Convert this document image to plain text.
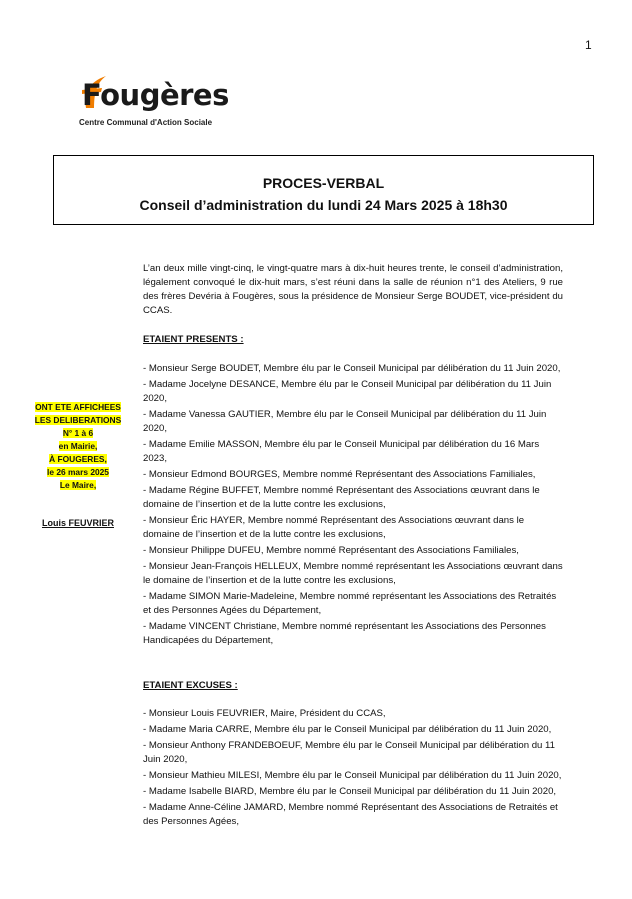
1
Fougères
Centre Communal d'Action Sociale
PROCES-VERBAL
Conseil d’administration du lundi 24 Mars 2025 à 18h30
L’an deux mille vingt-cinq, le vingt-quatre mars à dix-huit heures trente, le conseil d’administration, légalement convoqué le dix-huit mars, s’est réuni dans la salle de réunion n°1 des Ateliers, 9 rue des frères Devéria à Fougères, sous la présidence de Monsieur Serge BOUDET, vice-président du CCAS.
ETAIENT PRESENTS :
- Monsieur Serge BOUDET, Membre élu par le Conseil Municipal par délibération du 11 Juin 2020,
- Madame Jocelyne DESANCE, Membre élu par le Conseil Municipal par délibération du 11 Juin 2020,
- Madame Vanessa GAUTIER, Membre élu par le Conseil Municipal par délibération du 11 Juin 2020,
- Madame Emilie MASSON, Membre élu par le Conseil Municipal par délibération du 16 Mars 2023,
- Monsieur Edmond BOURGES, Membre nommé Représentant des Associations Familiales,
- Madame Régine BUFFET, Membre nommé Représentant des Associations œuvrant dans le domaine de l’insertion et de la lutte contre les exclusions,
- Monsieur Éric HAYER, Membre nommé Représentant des Associations œuvrant dans le domaine de l’insertion et de la lutte contre les exclusions,
- Monsieur Philippe DUFEU, Membre nommé Représentant des Associations Familiales,
- Monsieur Jean-François HELLEUX, Membre nommé représentant les Associations œuvrant dans le domaine de l’insertion et de la lutte contre les exclusions,
- Madame SIMON Marie-Madeleine, Membre nommé représentant les Associations des Retraités et des Personnes Agées du Département,
- Madame VINCENT Christiane, Membre nommé représentant les Associations des Personnes Handicapées du Département,
ETAIENT EXCUSES :
- Monsieur Louis FEUVRIER, Maire, Président du CCAS,
- Madame Maria CARRE, Membre élu par le Conseil Municipal par délibération du 11 Juin 2020,
- Monsieur Anthony FRANDEBOEUF, Membre élu par le Conseil Municipal par délibération du 11 Juin 2020,
- Monsieur Mathieu MILESI, Membre élu par le Conseil Municipal par délibération du 11 Juin 2020,
- Madame Isabelle BIARD, Membre élu par le Conseil Municipal par délibération du 11 Juin 2020,
- Madame Anne-Céline JAMARD, Membre nommé Représentant des Associations de Retraités et des Personnes Agées,
ONT ETE AFFICHEES
LES DELIBERATIONS
N° 1 à 6
en Mairie,
À FOUGERES,
le 26 mars 2025
Le Maire,
Louis FEUVRIER
